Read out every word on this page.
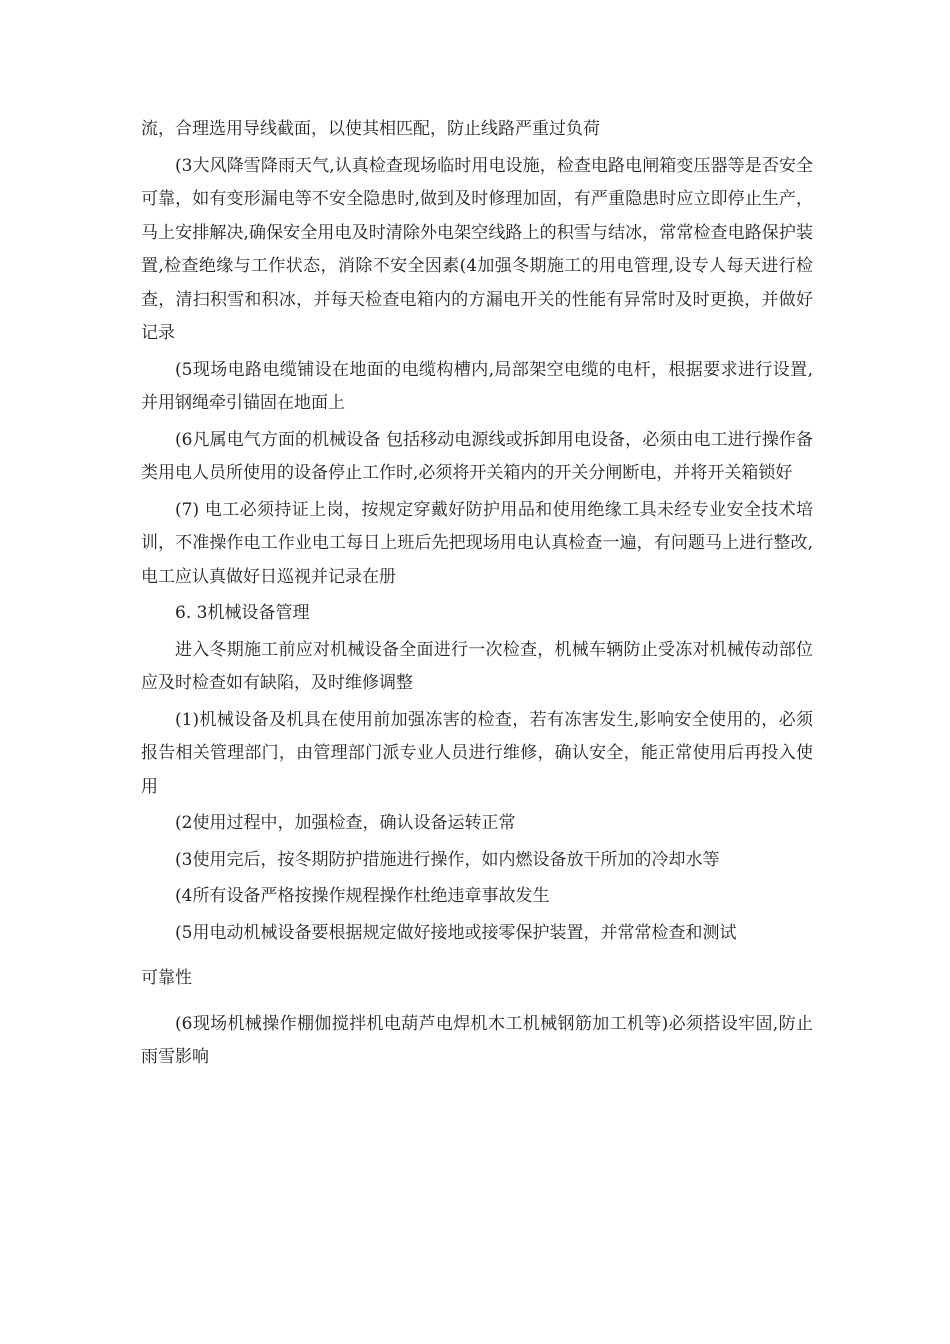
流，合理选用导线截面，以使其相匹配，防止线路严重过负荷

(3大风降雪降雨天气,认真检查现场临时用电设施，检查电路电闸箱变压器等是否安全可靠，如有变形漏电等不安全隐患时,做到及时修理加固，有严重隐患时应立即停止生产，马上安排解决,确保安全用电及时清除外电架空线路上的积雪与结冰，常常检查电路保护装置,检查绝缘与工作状态，消除不安全因素(4加强冬期施工的用电管理,设专人每天进行检查，清扫积雪和积冰，并每天检查电箱内的方漏电开关的性能有异常时及时更换，并做好记录

(5现场电路电缆铺设在地面的电缆构槽内,局部架空电缆的电杆，根据要求进行设置,并用钢绳牵引锚固在地面上

(6凡属电气方面的机械设备 包括移动电源线或拆卸用电设备，必须由电工进行操作备类用电人员所使用的设备停止工作时,必须将开关箱内的开关分闸断电，并将开关箱锁好

(7) 电工必须持证上岗，按规定穿戴好防护用品和使用绝缘工具未经专业安全技术培训，不准操作电工作业电工每日上班后先把现场用电认真检查一遍，有问题马上进行整改,电工应认真做好日巡视并记录在册

6. 3机械设备管理

进入冬期施工前应对机械设备全面进行一次检查，机械车辆防止受冻对机械传动部位应及时检查如有缺陷，及时维修调整

(1)机械设备及机具在使用前加强冻害的检查，若有冻害发生,影响安全使用的，必须报告相关管理部门，由管理部门派专业人员进行维修，确认安全，能正常使用后再投入使用

(2使用过程中，加强检查，确认设备运转正常

(3使用完后，按冬期防护措施进行操作，如内燃设备放干所加的冷却水等

(4所有设备严格按操作规程操作杜绝违章事故发生

(5用电动机械设备要根据规定做好接地或接零保护装置，并常常检查和测试

可靠性

(6现场机械操作棚伽搅拌机电葫芦电焊机木工机械钢筋加工机等)必须搭设牢固,防止雨雪影响
